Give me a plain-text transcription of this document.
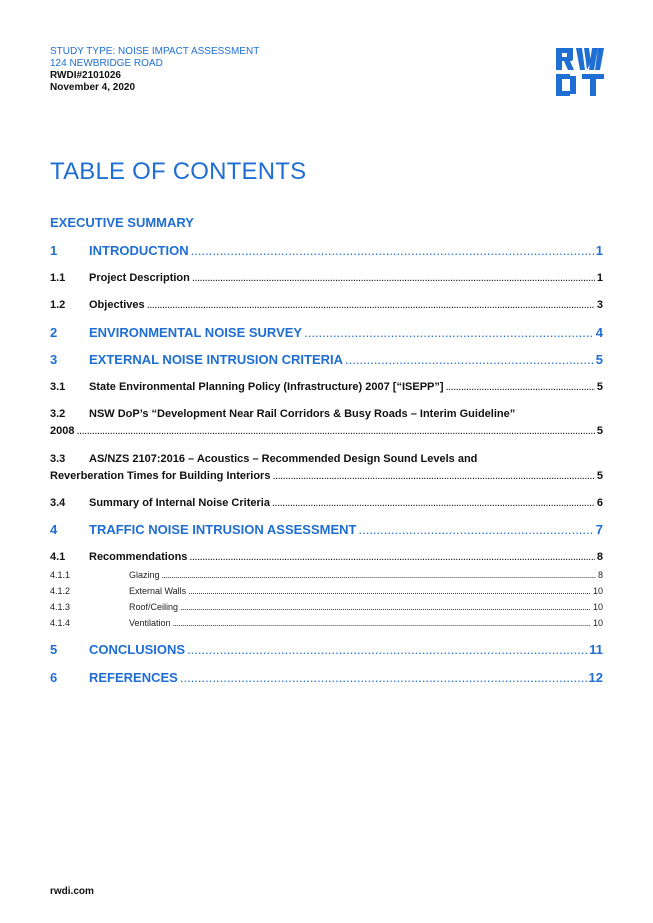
STUDY TYPE: NOISE IMPACT ASSESSMENT
124 NEWBRIDGE ROAD
RWDI#2101026
November 4, 2020
TABLE OF CONTENTS
EXECUTIVE SUMMARY
1	INTRODUCTION .....	1
1.1	Project Description .....	1
1.2	Objectives .....	3
2	ENVIRONMENTAL NOISE SURVEY .....	4
3	EXTERNAL NOISE INTRUSION CRITERIA .....	5
3.1	State Environmental Planning Policy (Infrastructure) 2007 [“ISEPP”] .....	5
3.2	NSW DoP’s “Development Near Rail Corridors & Busy Roads – Interim Guideline”
2008 .....	5
3.3	AS/NZS 2107:2016 – Acoustics – Recommended Design Sound Levels and
Reverberation Times for Building Interiors .....	5
3.4	Summary of Internal Noise Criteria .....	6
4	TRAFFIC NOISE INTRUSION ASSESSMENT .....	7
4.1	Recommendations .....	8
4.1.1	Glazing .....	8
4.1.2	External Walls .....	10
4.1.3	Roof/Ceiling .....	10
4.1.4	Ventilation .....	10
5	CONCLUSIONS .....	11
6	REFERENCES .....	12
rwdi.com
